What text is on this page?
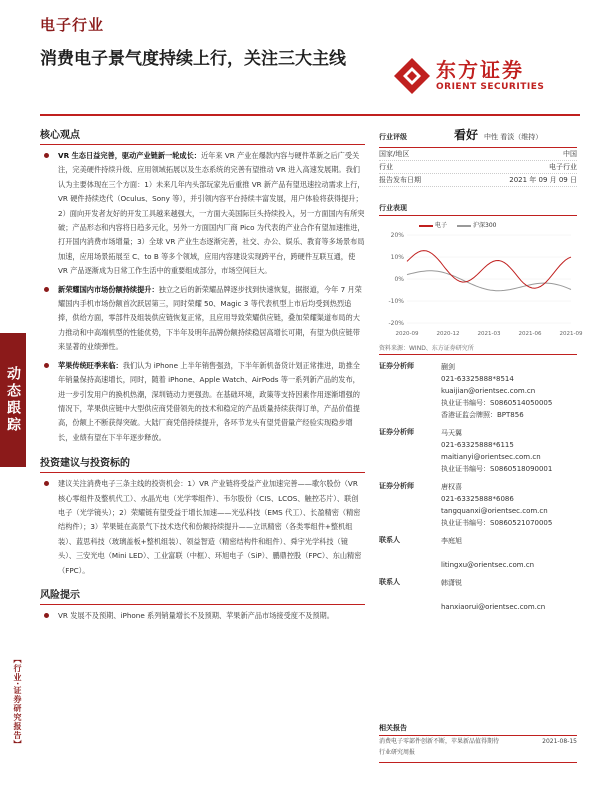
电子行业
消费电子景气度持续上行，关注三大主线	东方证券
ORIENT SECURITIES
动态跟踪
【行业·证券研究报告】
核心观点
VR 生态日益完善，驱动产业链新一轮成长：近年来 VR 产业在爆款内容与硬件革新之后广受关注，完美硬件持续升级、应用领域拓展以及生态系统的完善有望推动 VR 进入高速发展期。我们认为主要体现在三个方面：1）未来几年内头部玩家先后重推 VR 新产品有望迅速拉动需求上行，VR 硬件持续迭代（Oculus、Sony 等），并引领内容平台持续丰富发展，用户体验将获得提升；2）面向开发者友好的开发工具越来越强大，一方面大美国际巨头持续投入，另一方面国内有所突破；产品形态和内容将日趋多元化，另外一方面国内厂商 Pico 为代表的产业合作有望加速推进，打开国内消费市场增量；3）全球 VR 产业生态逐渐完善，社交、办公、娱乐、教育等多场景布局加速，应用场景拓展至 C、to B 等多个领域，应用内容建设实现跨平台，跨硬件互联互通，使 VR 产品逐渐成为日常工作生活中的重要组成部分，市场空间巨大。
新荣耀国内市场份额持续提升：独立之后的新荣耀品牌逐步找到快速恢复，据报道，今年 7 月荣耀国内手机市场份额首次跃居第三，同时荣耀 50、Magic 3 等代表机型上市后均受到热烈追捧，供给方面，零部件及组装供应链恢复正常，且应用导致荣耀供应链，叠加荣耀渠道布局的大力推动和中高端机型的性能优势，下半年及明年品牌份额持续稳居高增长可期，有望为供应链带来显著的业绩弹性。
苹果传统旺季来临：我们认为 iPhone 上半年销售强劲，下半年新机备货计划正常推进，助推全年销量保持高速增长，同时，随着 iPhone、Apple Watch、AirPods 等一系列新产品的发布，进一步引发用户的换机热潮，深圳链动力更强劲。在基础环境，政策等支持因素作用逐渐增强的情况下，苹果供应链中大型供应商凭借领先的技术和稳定的产品质量持续获得订单，产品价值提高，份额上不断获得突破。大陆厂商凭借持续提升，各环节龙头有望凭借量产经验实现稳步增长，业绩有望在下半年逐步释放。
投资建议与投资标的
建议关注消费电子三条主线的投资机会：1）VR 产业链将受益产业加速完善——歌尔股份（VR 核心零组件及整机代工）、水晶光电（光学零组件）、韦尔股份（CIS、LCOS、触控芯片）、联创电子（光学镜头）；2）荣耀链有望受益于增长加速——光弘科技（EMS 代工）、长盈精密（精密结构件）；3）苹果链在高景气下技术迭代和份额持续提升——立讯精密（各类零组件+整机组装）、蓝思科技（玻璃盖板+整机组装）、领益智造（精密结构件和组件）、舜宇光学科技（镜头）、三安光电（Mini LED）、工业富联（中框）、环旭电子（SiP）、鹏鼎控股（FPC）、东山精密（FPC）。
风险提示
VR 发展不及预期、iPhone 系列销量增长不及预期、苹果新产品市场接受度不及预期。
行业评级	看好 中性 看淡（维持）
国家/地区	中国
行业	电子行业
报告发布日期	2021 年 09 月 09 日
行业表现
电子	沪深300
-20%
-10%
0%
10%
20%
2020-09	2020-12	2021-03	2021-06	2021-09
资料来源：WIND、东方证券研究所
证券分析师	蒯剑
021-63325888*8514
kuaijian@orientsec.com.cn
执业证书编号：S0860514050005
香港证监会牌照：BPT856
证券分析师	马天翼
021-63325888*6115
maitianyi@orientsec.com.cn
执业证书编号：S0860518090001
证券分析师	唐权喜
021-63325888*6086
tangquanxi@orientsec.com.cn
执业证书编号：S0860521070005
联系人	李庭旭

litingxu@orientsec.com.cn
联系人	韩潇锐

hanxiaorui@orientsec.com.cn
相关报告
消费电子零部件创新不断，苹果新品值得期待	2021-08-15
行业研究周报
